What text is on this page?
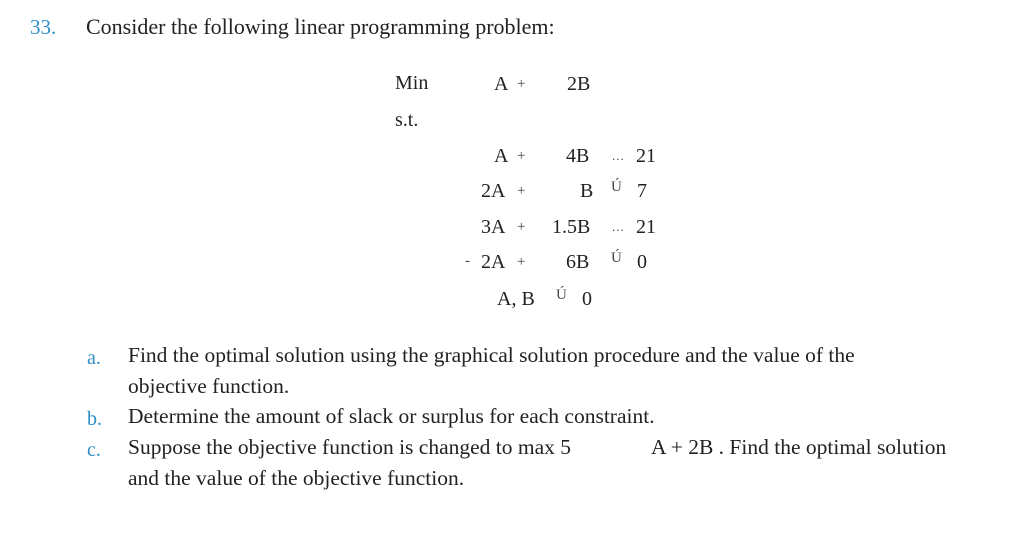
33. Consider the following linear programming problem:
Min	A + 2B
s.t.
A + 4B ... 21
2A +	B Ú 7
3A + 1.5B ... 21
- 2A + 6B Ú 0
A, B Ú 0
a. Find the optimal solution using the graphical solution procedure and the value of the
objective function.
b. Determine the amount of slack or surplus for each constraint.
c. Suppose the objective function is changed to max 5	A + 2B . Find the optimal solution
and the value of the objective function.
